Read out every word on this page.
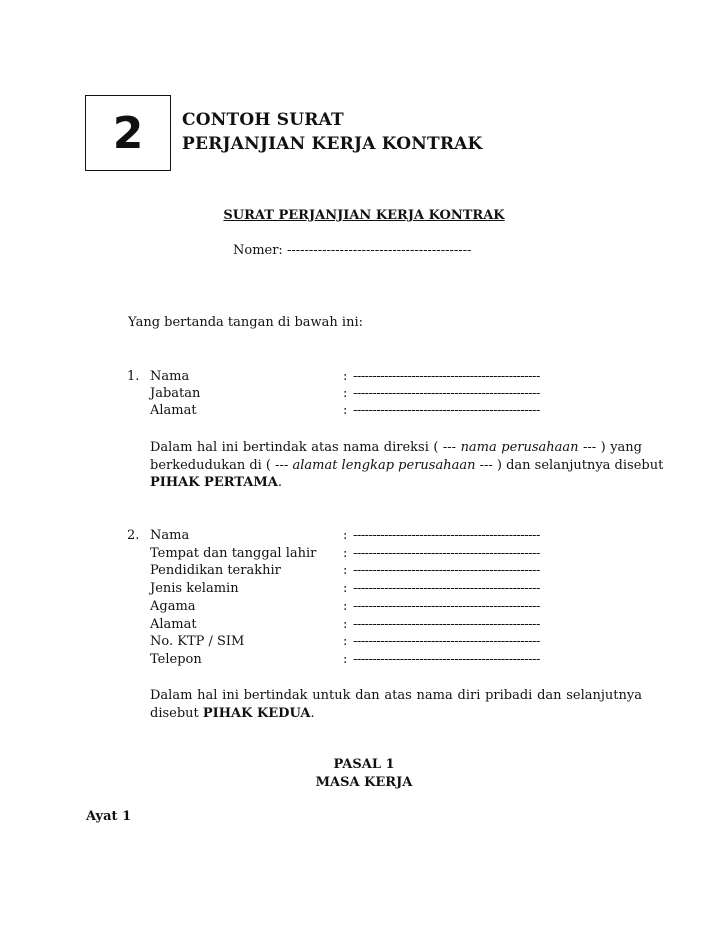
2 CONTOH SURAT
PERJANJIAN KERJA KONTRAK
SURAT PERJANJIAN KERJA KONTRAK
Nomer: ------------------------------------------
Yang bertanda tangan di bawah ini:
1. Nama	: ------------------------------------------------
Jabatan	: ------------------------------------------------
Alamat	: ------------------------------------------------
Dalam hal ini bertindak atas nama direksi ( --- nama perusahaan --- ) yang
berkedudukan di ( --- alamat lengkap perusahaan --- ) dan selanjutnya disebut
PIHAK PERTAMA.
2. Nama	: ------------------------------------------------
Tempat dan tanggal lahir : ------------------------------------------------
Pendidikan terakhir	: ------------------------------------------------
Jenis kelamin	: ------------------------------------------------
Agama	: ------------------------------------------------
Alamat	: ------------------------------------------------
No. KTP / SIM	: ------------------------------------------------
Telepon	: ------------------------------------------------
Dalam hal ini bertindak untuk dan atas nama diri pribadi dan selanjutnya
disebut PIHAK KEDUA.
PASAL 1
MASA KERJA
Ayat 1
